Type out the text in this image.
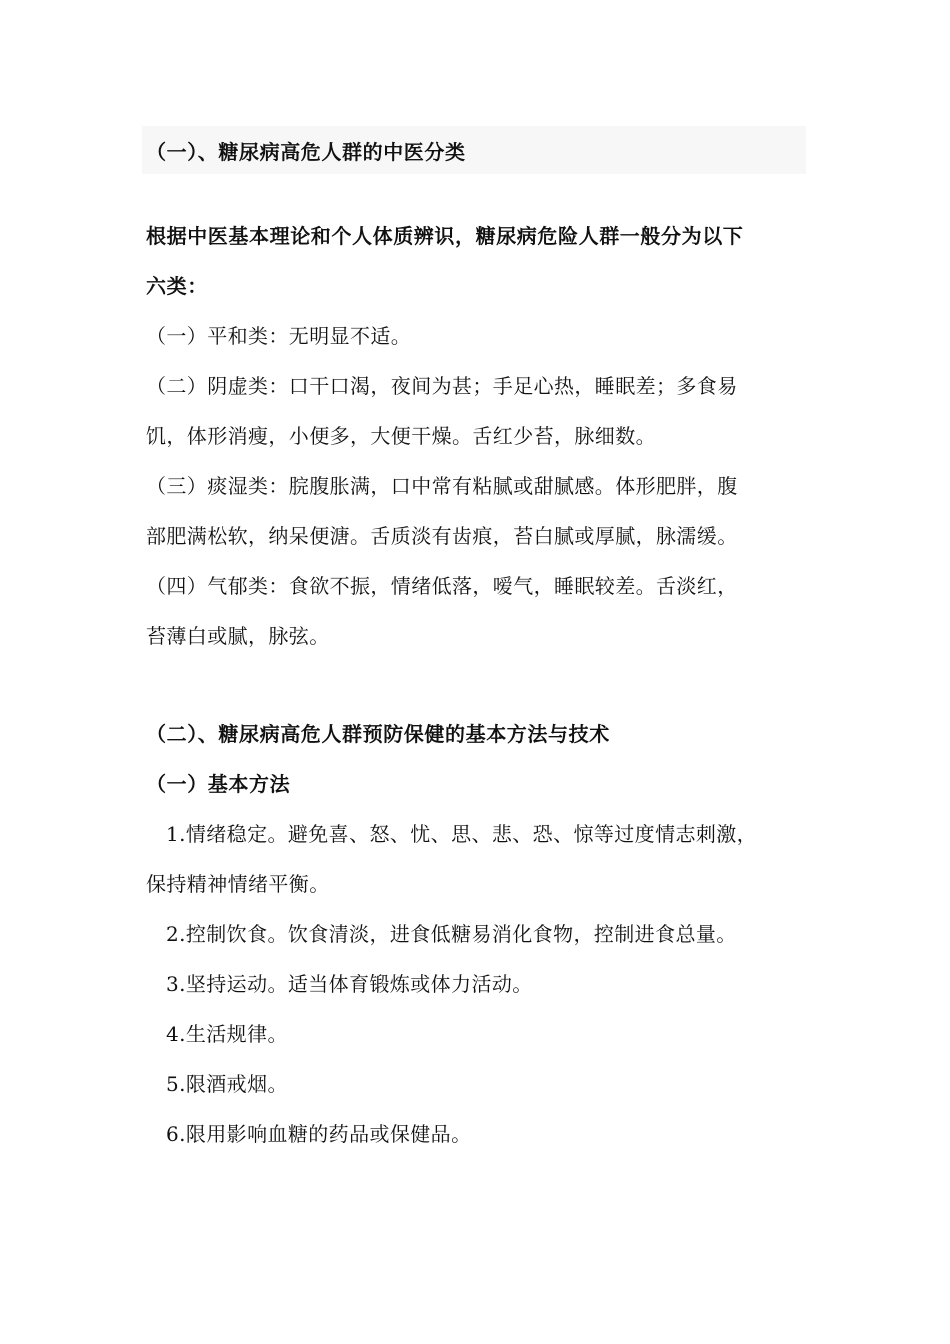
（一）、糖尿病高危人群的中医分类
根据中医基本理论和个人体质辨识，糖尿病危险人群一般分为以下
六类：
（一）平和类：无明显不适。
（二）阴虚类：口干口渴，夜间为甚；手足心热，睡眠差；多食易
饥，体形消瘦，小便多，大便干燥。舌红少苔，脉细数。
（三）痰湿类：脘腹胀满，口中常有粘腻或甜腻感。体形肥胖，腹
部肥满松软，纳呆便溏。舌质淡有齿痕，苔白腻或厚腻，脉濡缓。
（四）气郁类：食欲不振，情绪低落，嗳气，睡眠较差。舌淡红，
苔薄白或腻，脉弦。
（二）、糖尿病高危人群预防保健的基本方法与技术
（一）基本方法
1.情绪稳定。避免喜、怒、忧、思、悲、恐、惊等过度情志刺激，
保持精神情绪平衡。
2.控制饮食。饮食清淡，进食低糖易消化食物，控制进食总量。
3.坚持运动。适当体育锻炼或体力活动。
4.生活规律。
5.限酒戒烟。
6.限用影响血糖的药品或保健品。
